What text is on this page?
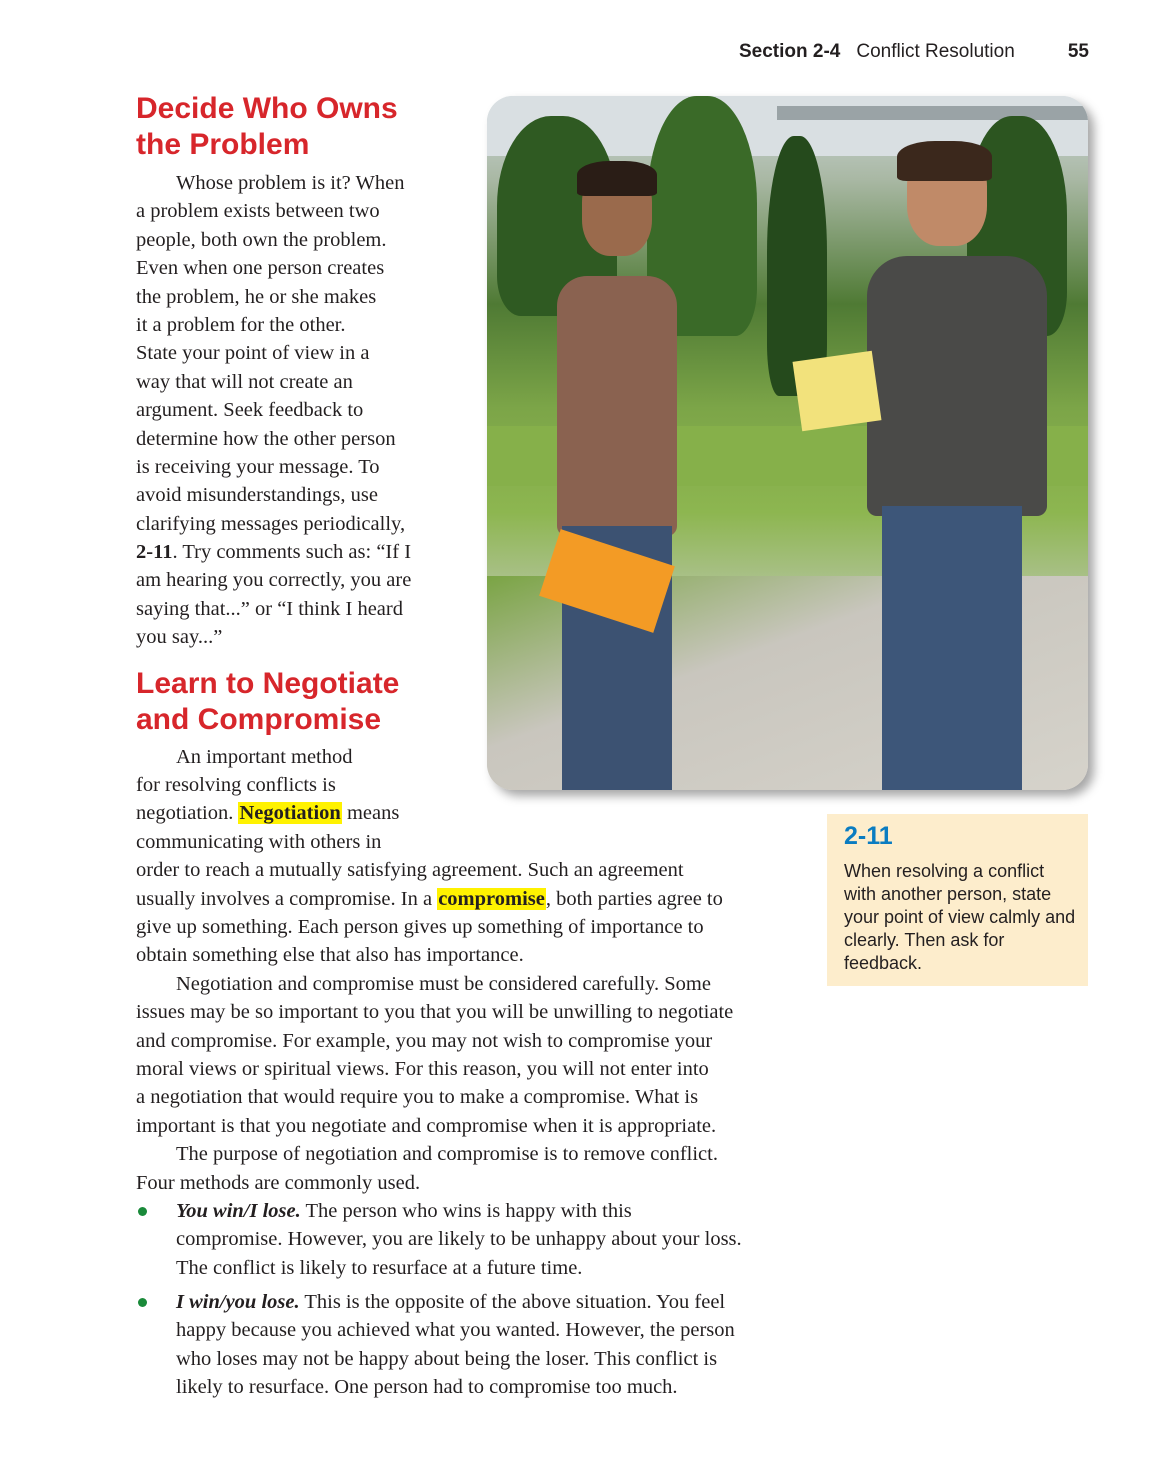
Section 2-4 Conflict Resolution	55
Decide Who Owns
the Problem
Whose problem is it? When
a problem exists between two
people, both own the problem.
Even when one person creates
the problem, he or she makes
it a problem for the other.
State your point of view in a
way that will not create an
argument. Seek feedback to
determine how the other person
is receiving your message. To
avoid misunderstandings, use
clarifying messages periodically,
2-11. Try comments such as: “If I
am hearing you correctly, you are
saying that...” or “I think I heard
you say...”
Learn to Negotiate
and Compromise
An important method
for resolving conflicts is
negotiation. Negotiation means
communicating with others in
order to reach a mutually satisfying agreement. Such an agreement
usually involves a compromise. In a compromise, both parties agree to
give up something. Each person gives up something of importance to
obtain something else that also has importance.
Negotiation and compromise must be considered carefully. Some
issues may be so important to you that you will be unwilling to negotiate
and compromise. For example, you may not wish to compromise your
moral views or spiritual views. For this reason, you will not enter into
a negotiation that would require you to make a compromise. What is
important is that you negotiate and compromise when it is appropriate.
The purpose of negotiation and compromise is to remove conflict.
Four methods are commonly used.
You win/I lose. The person who wins is happy with this
compromise. However, you are likely to be unhappy about your loss.
The conflict is likely to resurface at a future time.
I win/you lose. This is the opposite of the above situation. You feel
happy because you achieved what you wanted. However, the person
who loses may not be happy about being the loser. This conflict is
likely to resurface. One person had to compromise too much.
2-11
When resolving a conflict with another person, state your point of view calmly and clearly. Then ask for feedback.
